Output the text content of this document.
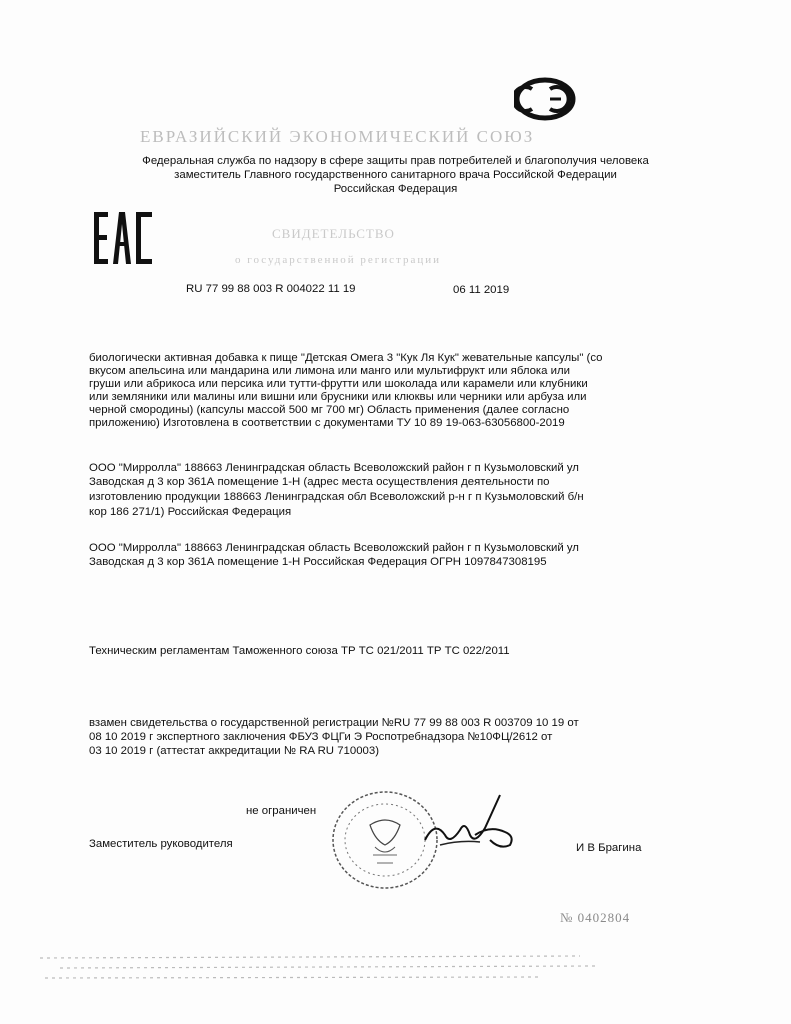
ЕВРАЗИЙСКИЙ ЭКОНОМИЧЕСКИЙ СОЮЗ
Федеральная служба по надзору в сфере защиты прав потребителей и благополучия человека
заместитель Главного государственного санитарного врача Российской Федерации
Российская Федерация
СВИДЕТЕЛЬСТВО
о государственной регистрации
RU 77 99 88 003 R 004022 11 19	06 11 2019
биологически активная добавка к пище "Детская Омега 3 "Кук Ля Кук" жевательные капсулы" (со
вкусом апельсина или мандарина или лимона или манго или мультифрукт или яблока или
груши или абрикоса или персика или тутти-фрутти или шоколада или карамели или клубники
или земляники или малины или вишни или брусники или клюквы или черники или арбуза или
черной смородины) (капсулы массой 500 мг 700 мг) Область применения (далее согласно
приложению) Изготовлена в соответствии с документами ТУ 10 89 19-063-63056800-2019
ООО "Мирролла" 188663 Ленинградская область Всеволожский район г п Кузьмоловский ул
Заводская д 3 кор 361А помещение 1-Н (адрес места осуществления деятельности по
изготовлению продукции 188663 Ленинградская обл Всеволожский р-н г п Кузьмоловский б/н
кор 186 271/1) Российская Федерация
ООО "Мирролла" 188663 Ленинградская область Всеволожский район г п Кузьмоловский ул
Заводская д 3 кор 361А помещение 1-Н Российская Федерация ОГРН 1097847308195
Техническим регламентам Таможенного союза ТР ТС 021/2011 ТР ТС 022/2011
взамен свидетельства о государственной регистрации №RU 77 99 88 003 R 003709 10 19 от
08 10 2019 г экспертного заключения ФБУЗ ФЦГи Э Роспотребнадзора №10ФЦ/2612 от
03 10 2019 г (аттестат аккредитации № RA RU 710003)
не ограничен
Заместитель руководителя	И В Брагина
№ 0402804
